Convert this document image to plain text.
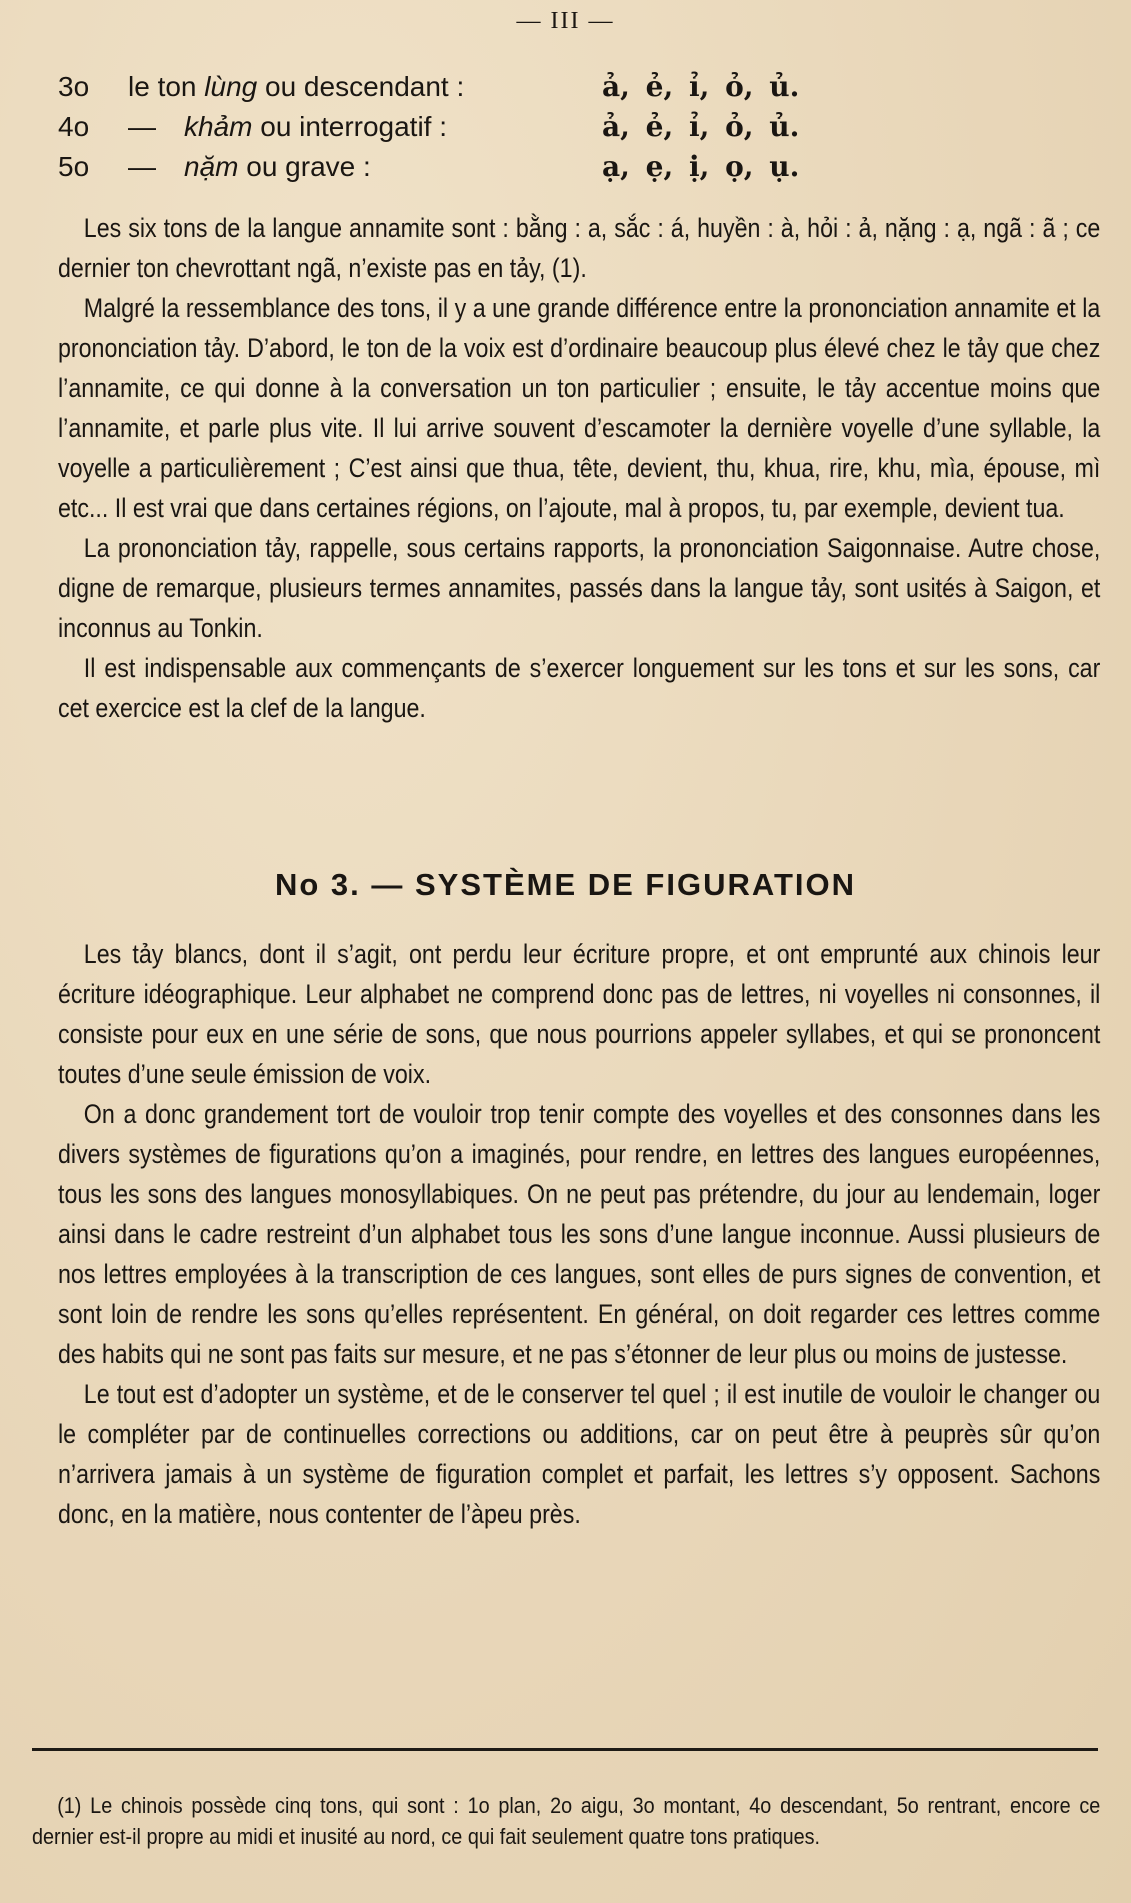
— III —
3o	le ton lùng ou descendant :	ả, ẻ, ỉ, ỏ, ủ.
4o	—	khảm ou interrogatif :	ả, ẻ, ỉ, ỏ, ủ.
5o	—	nặm ou grave :	ạ, ẹ, ị, ọ, ụ.

Les six tons de la langue annamite sont : bằng : a, sắc : á, huyền : à, hỏi : ả, nặng : ạ, ngã : ã ; ce dernier ton chevrottant ngã, n’existe pas en tảy, (1).

Malgré la ressemblance des tons, il y a une grande différence entre la prononciation annamite et la prononciation tảy. D’abord, le ton de la voix est d’ordinaire beaucoup plus élevé chez le tảy que chez l’annamite, ce qui donne à la conversation un ton particulier ; ensuite, le tảy accentue moins que l’annamite, et parle plus vite. Il lui arrive souvent d’escamoter la dernière voyelle d’une syllable, la voyelle a particulièrement ; C’est ainsi que thua, tête, devient, thu, khua, rire, khu, mìa, épouse, mì etc... Il est vrai que dans certaines régions, on l’ajoute, mal à propos, tu, par exemple, devient tua.

La prononciation tảy, rappelle, sous certains rapports, la prononciation Saigonnaise. Autre chose, digne de remarque, plusieurs termes annamites, passés dans la langue tảy, sont usités à Saigon, et inconnus au Tonkin.

Il est indispensable aux commençants de s’exercer longuement sur les tons et sur les sons, car cet exercice est la clef de la langue.

No 3. — SYSTÈME DE FIGURATION

Les tảy blancs, dont il s’agit, ont perdu leur écriture propre, et ont emprunté aux chinois leur écriture idéographique. Leur alphabet ne comprend donc pas de lettres, ni voyelles ni consonnes, il consiste pour eux en une série de sons, que nous pourrions appeler syllabes, et qui se prononcent toutes d’une seule émission de voix.

On a donc grandement tort de vouloir trop tenir compte des voyelles et des consonnes dans les divers systèmes de figurations qu’on a imaginés, pour rendre, en lettres des langues européennes, tous les sons des langues monosyllabiques. On ne peut pas prétendre, du jour au lendemain, loger ainsi dans le cadre restreint d’un alphabet tous les sons d’une langue inconnue. Aussi plusieurs de nos lettres employées à la transcription de ces langues, sont elles de purs signes de convention, et sont loin de rendre les sons qu’elles représentent. En général, on doit regarder ces lettres comme des habits qui ne sont pas faits sur mesure, et ne pas s’étonner de leur plus ou moins de justesse.

Le tout est d’adopter un système, et de le conserver tel quel ; il est inutile de vouloir le changer ou le compléter par de continuelles corrections ou additions, car on peut être à peuprès sûr qu’on n’arrivera jamais à un système de figuration complet et parfait, les lettres s’y opposent. Sachons donc, en la matière, nous contenter de l’àpeu près.

(1) Le chinois possède cinq tons, qui sont : 1o plan, 2o aigu, 3o montant, 4o descendant, 5o rentrant, encore ce dernier est-il propre au midi et inusité au nord, ce qui fait seulement quatre tons pratiques.
